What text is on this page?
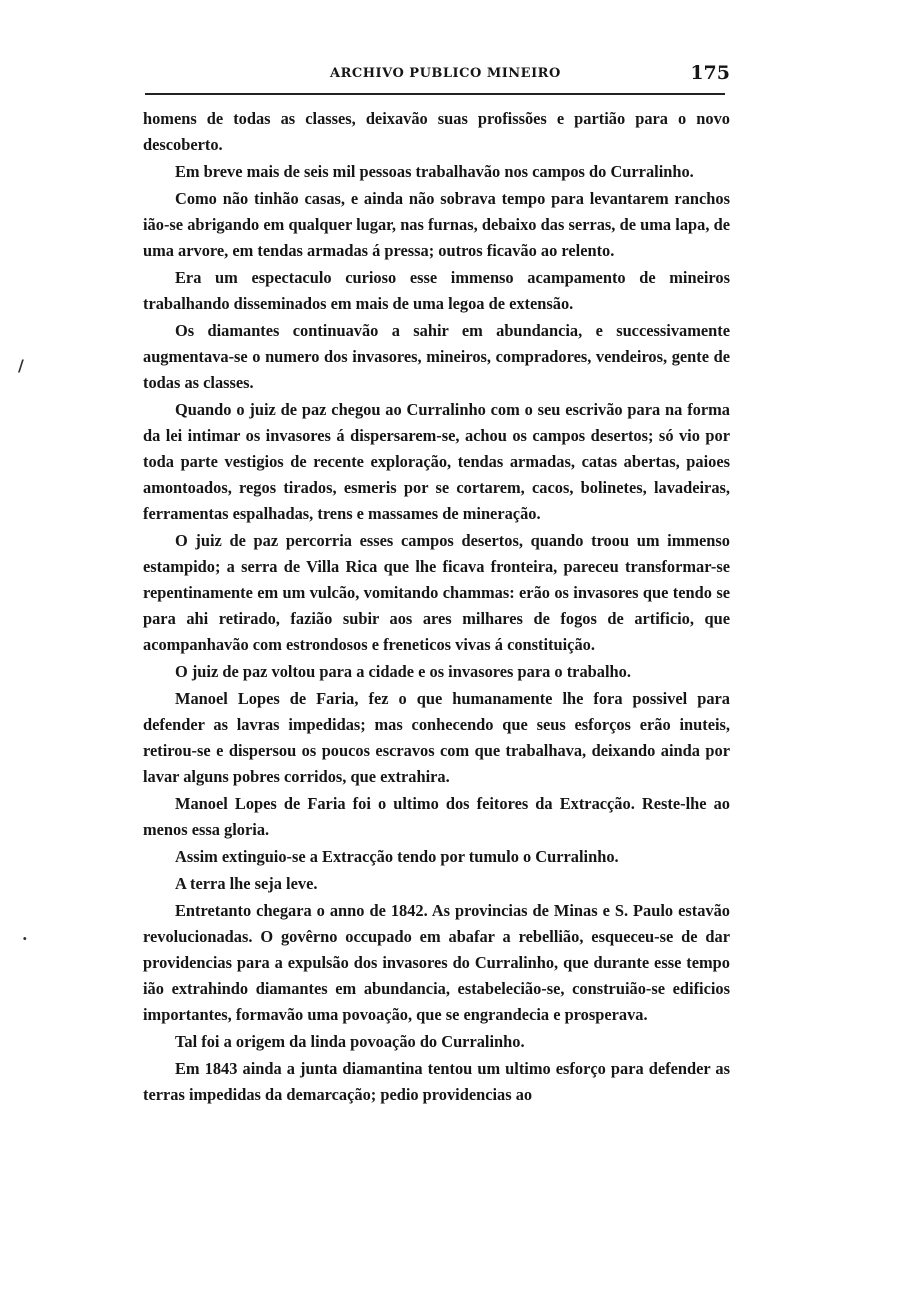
ARCHIVO PUBLICO MINEIRO	175
/
.

homens de todas as classes, deixavão suas profissões e partião para o novo descoberto.

Em breve mais de seis mil pessoas trabalhavão nos campos do Curralinho.

Como não tinhão casas, e ainda não sobrava tempo para levantarem ranchos ião-se abrigando em qualquer lugar, nas furnas, debaixo das serras, de uma lapa, de uma arvore, em tendas armadas á pressa; outros ficavão ao relento.

Era um espectaculo curioso esse immenso acampamento de mineiros trabalhando disseminados em mais de uma legoa de extensão.

Os diamantes continuavão a sahir em abundancia, e successivamente augmentava-se o numero dos invasores, mineiros, compradores, vendeiros, gente de todas as classes.

Quando o juiz de paz chegou ao Curralinho com o seu escrivão para na forma da lei intimar os invasores á dispersarem-se, achou os campos desertos; só vio por toda parte vestigios de recente exploração, tendas armadas, catas abertas, paioes amontoados, regos tirados, esmeris por se cortarem, cacos, bolinetes, lavadeiras, ferramentas espalhadas, trens e massames de mineração.

O juiz de paz percorria esses campos desertos, quando troou um immenso estampido; a serra de Villa Rica que lhe ficava fronteira, pareceu transformar-se repentinamente em um vulcão, vomitando chammas: erão os invasores que tendo se para ahi retirado, fazião subir aos ares milhares de fogos de artificio, que acompanhavão com estrondosos e freneticos vivas á constituição.

O juiz de paz voltou para a cidade e os invasores para o trabalho.

Manoel Lopes de Faria, fez o que humanamente lhe fora possivel para defender as lavras impedidas; mas conhecendo que seus esforços erão inuteis, retirou-se e dispersou os poucos escravos com que trabalhava, deixando ainda por lavar alguns pobres corridos, que extrahira.

Manoel Lopes de Faria foi o ultimo dos feitores da Extracção. Reste-lhe ao menos essa gloria.

Assim extinguio-se a Extracção tendo por tumulo o Curralinho.

A terra lhe seja leve.

Entretanto chegara o anno de 1842. As provincias de Minas e S. Paulo estavão revolucionadas. O govêrno occupado em abafar a rebellião, esqueceu-se de dar providencias para a expulsão dos invasores do Curralinho, que durante esse tempo ião extrahindo diamantes em abundancia, estabelecião-se, construião-se edificios importantes, formavão uma povoação, que se engrandecia e prosperava.

Tal foi a origem da linda povoação do Curralinho.

Em 1843 ainda a junta diamantina tentou um ultimo esforço para defender as terras impedidas da demarcação; pedio providencias ao
